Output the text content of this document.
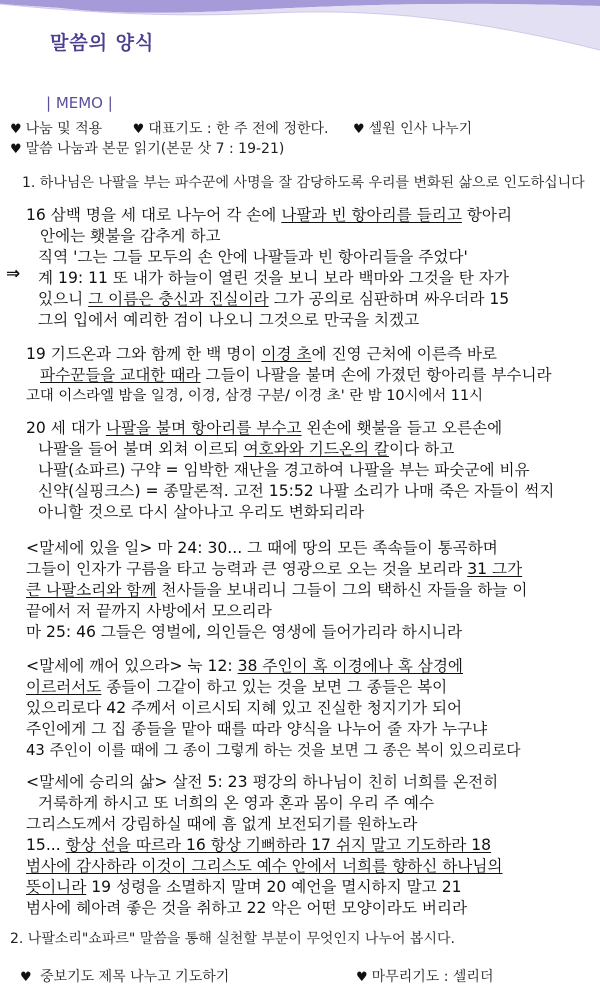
말씀의 양식
| MEMO |
♥ 나눔 및 적용 ♥ 대표기도 : 한 주 전에 정한다. ♥ 셀원 인사 나누기
♥ 말씀 나눔과 본문 읽기(본문 삿 7 : 19-21)
1. 하나님은 나팔을 부는 파수꾼에 사명을 잘 감당하도록 우리를 변화된 삶으로 인도하십니다
16 삼백 명을 세 대로 나누어 각 손에 나팔과 빈 항아리를 들리고 항아리
안에는 횃불을 감추게 하고
직역 '그는 그들 모두의 손 안에 나팔들과 빈 항아리들을 주었다'
계 19: 11 또 내가 하늘이 열린 것을 보니 보라 백마와 그것을 탄 자가
있으니 그 이름은 충신과 진실이라 그가 공의로 심판하며 싸우더라 15
그의 입에서 예리한 검이 나오니 그것으로 만국을 치겠고
⇒
19 기드온과 그와 함께 한 백 명이 이경 초에 진영 근처에 이른즉 바로
파수꾼들을 교대한 때라 그들이 나팔을 불며 손에 가졌던 항아리를 부수니라
고대 이스라엘 밤을 일경, 이경, 삼경 구분/ 이경 초' 란 밤 10시에서 11시
20 세 대가 나팔을 불며 항아리를 부수고 왼손에 횃불을 들고 오른손에
나팔을 들어 불며 외쳐 이르되 여호와와 기드온의 칼이다 하고
나팔(쇼파르) 구약 = 임박한 재난을 경고하여 나팔을 부는 파숫군에 비유
신약(실핑크스) = 종말론적. 고전 15:52 나팔 소리가 나매 죽은 자들이 썩지
아니할 것으로 다시 살아나고 우리도 변화되리라
<말세에 있을 일> 마 24: 30... 그 때에 땅의 모든 족속들이 통곡하며
그들이 인자가 구름을 타고 능력과 큰 영광으로 오는 것을 보리라 31 그가
큰 나팔소리와 함께 천사들을 보내리니 그들이 그의 택하신 자들을 하늘 이
끝에서 저 끝까지 사방에서 모으리라
마 25: 46 그들은 영벌에, 의인들은 영생에 들어가리라 하시니라
<말세에 깨어 있으라> 눅 12: 38 주인이 혹 이경에나 혹 삼경에
이르러서도 종들이 그같이 하고 있는 것을 보면 그 종들은 복이
있으리로다 42 주께서 이르시되 지혜 있고 진실한 청지기가 되어
주인에게 그 집 종들을 맡아 때를 따라 양식을 나누어 줄 자가 누구냐
43 주인이 이를 때에 그 종이 그렇게 하는 것을 보면 그 종은 복이 있으리로다
<말세에 승리의 삶> 살전 5: 23 평강의 하나님이 친히 너희를 온전히
거룩하게 하시고 또 너희의 온 영과 혼과 몸이 우리 주 예수
그리스도께서 강림하실 때에 흠 없게 보전되기를 원하노라
15... 항상 선을 따르라 16 항상 기뻐하라 17 쉬지 말고 기도하라 18
범사에 감사하라 이것이 그리스도 예수 안에서 너희를 향하신 하나님의
뜻이니라 19 성령을 소멸하지 말며 20 예언을 멸시하지 말고 21
범사에 헤아려 좋은 것을 취하고 22 악은 어떤 모양이라도 버리라
2. 나팔소리"쇼파르" 말씀을 통해 실천할 부분이 무엇인지 나누어 봅시다.
♥ 중보기도 제목 나누고 기도하기	♥ 마무리기도 : 셀리더
